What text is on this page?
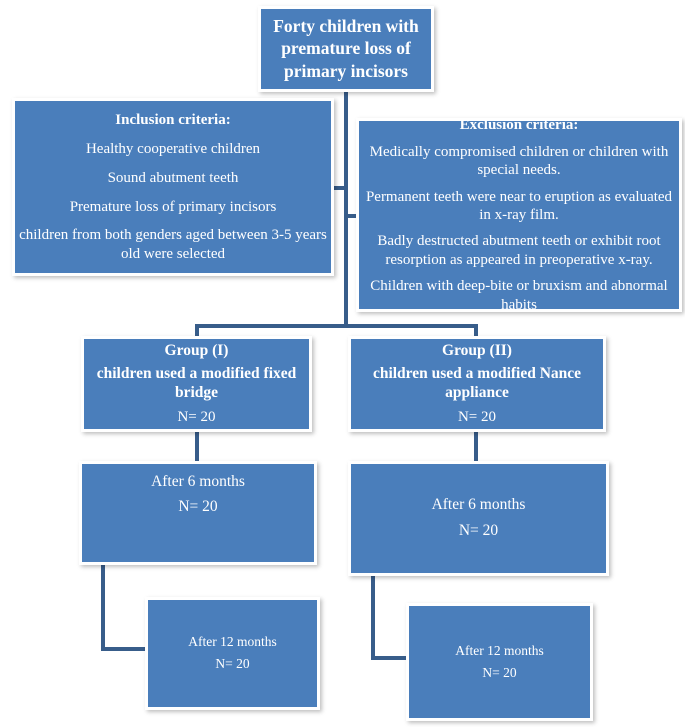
Forty children with

premature loss of

primary incisors

Inclusion criteria:

Healthy cooperative children

Sound abutment teeth

Premature loss of primary incisors

children from both genders aged between 3-5 years old were selected

Exclusion criteria:

Medically compromised children or children with special needs.

Permanent teeth were near to eruption as evaluated in x-ray film.

Badly destructed abutment teeth or exhibit root resorption as appeared in preoperative x-ray.

Children with deep-bite or bruxism and abnormal habits

Group (I)

children used a modified fixed bridge

N= 20

Group (II)

children used a modified Nance appliance

N= 20

After 6 months

N= 20	After 6 months

N= 20

After 12 months

N= 20

After 12 months

N= 20
